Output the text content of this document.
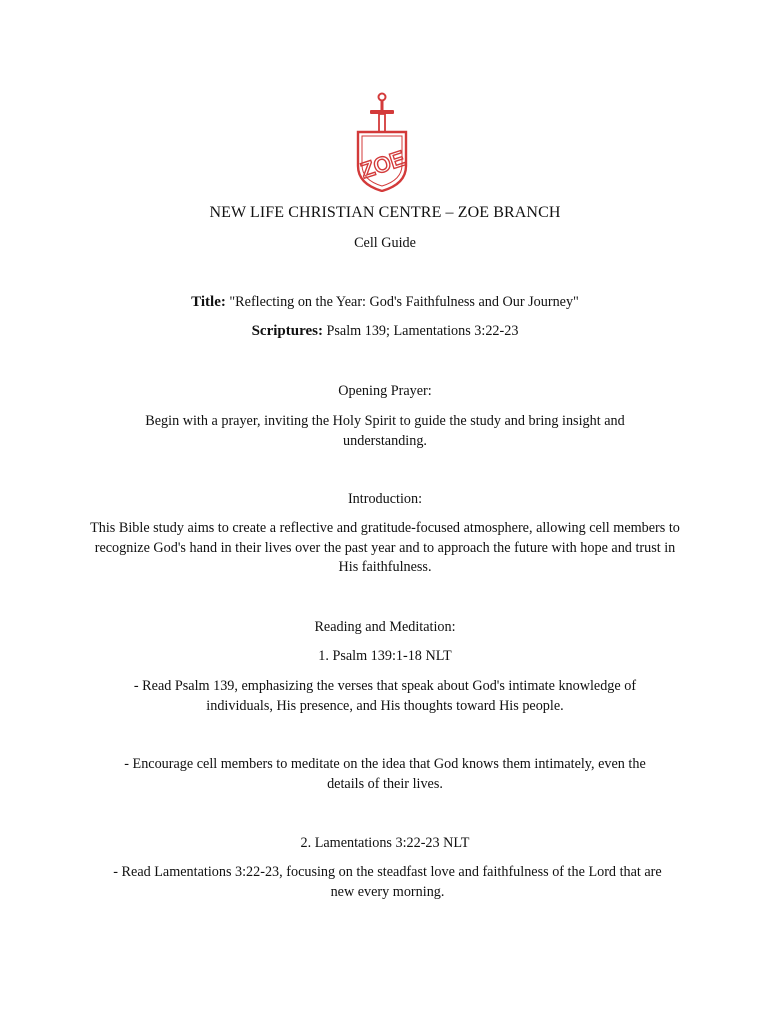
ZOE
NEW LIFE CHRISTIAN CENTRE – ZOE BRANCH
Cell Guide
Title: "Reflecting on the Year: God's Faithfulness and Our Journey"
Scriptures: Psalm 139; Lamentations 3:22-23
Opening Prayer:
Begin with a prayer, inviting the Holy Spirit to guide the study and bring insight and understanding.
Introduction:
This Bible study aims to create a reflective and gratitude-focused atmosphere, allowing cell members to recognize God's hand in their lives over the past year and to approach the future with hope and trust in His faithfulness.
Reading and Meditation:
1. Psalm 139:1-18 NLT
- Read Psalm 139, emphasizing the verses that speak about God's intimate knowledge of individuals, His presence, and His thoughts toward His people.
- Encourage cell members to meditate on the idea that God knows them intimately, even the details of their lives.
2. Lamentations 3:22-23 NLT
- Read Lamentations 3:22-23, focusing on the steadfast love and faithfulness of the Lord that are new every morning.
